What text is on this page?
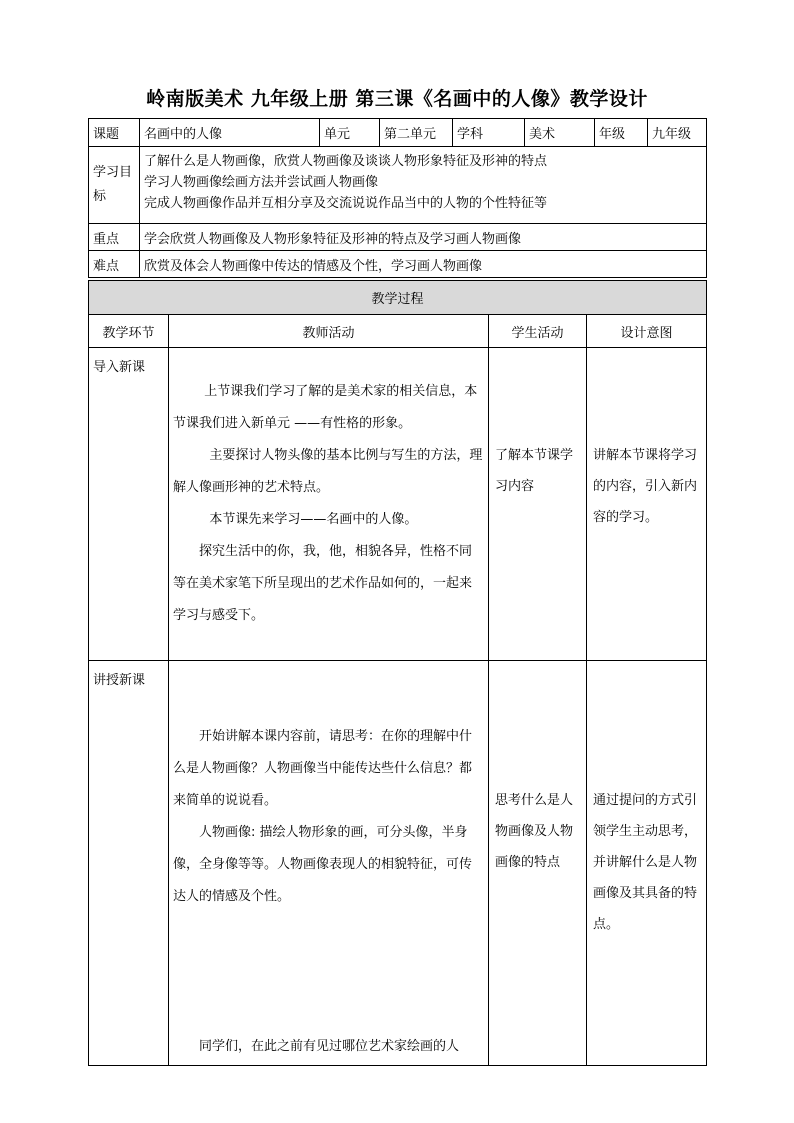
岭南版美术 九年级上册 第三课《名画中的人像》教学设计
课题	名画中的人像	单元	第二单元	学科	美术	年级	九年级
学习目标	了解什么是人物画像，欣赏人物画像及谈谈人物形象特征及形神的特点
学习人物画像绘画方法并尝试画人物画像
完成人物画像作品并互相分享及交流说说作品当中的人物的个性特征等						

重点	学会欣赏人物画像及人物形象特征及形神的特点及学习画人物画像						
难点	欣赏及体会人物画像中传达的情感及个性，学习画人物画像						
教学过程			
教学环节	教师活动	学生活动	设计意图
导入新课	上节课我们学习了解的是美术家的相关信息，本节课我们进入新单元 ——有性格的形象。

主要探讨人物头像的基本比例与写生的方法，理解人像画形神的艺术特点。

本节课先来学习——名画中的人像。

探究生活中的你，我，他，相貌各异，性格不同等在美术家笔下所呈现出的艺术作品如何的，一起来学习与感受下。	了解本节课学习内容	讲解本节课将学习的内容，引入新内容的学习。
讲授新课	开始讲解本课内容前，请思考：在你的理解中什么是人物画像？人物画像当中能传达些什么信息？都来简单的说说看。

人物画像: 描绘人物形象的画，可分头像，半身像，全身像等等。人物画像表现人的相貌特征，可传达人的情感及个性。

同学们，在此之前有见过哪位艺术家绘画的人	思考什么是人物画像及人物画像的特点	通过提问的方式引领学生主动思考，并讲解什么是人物画像及其具备的特点。
